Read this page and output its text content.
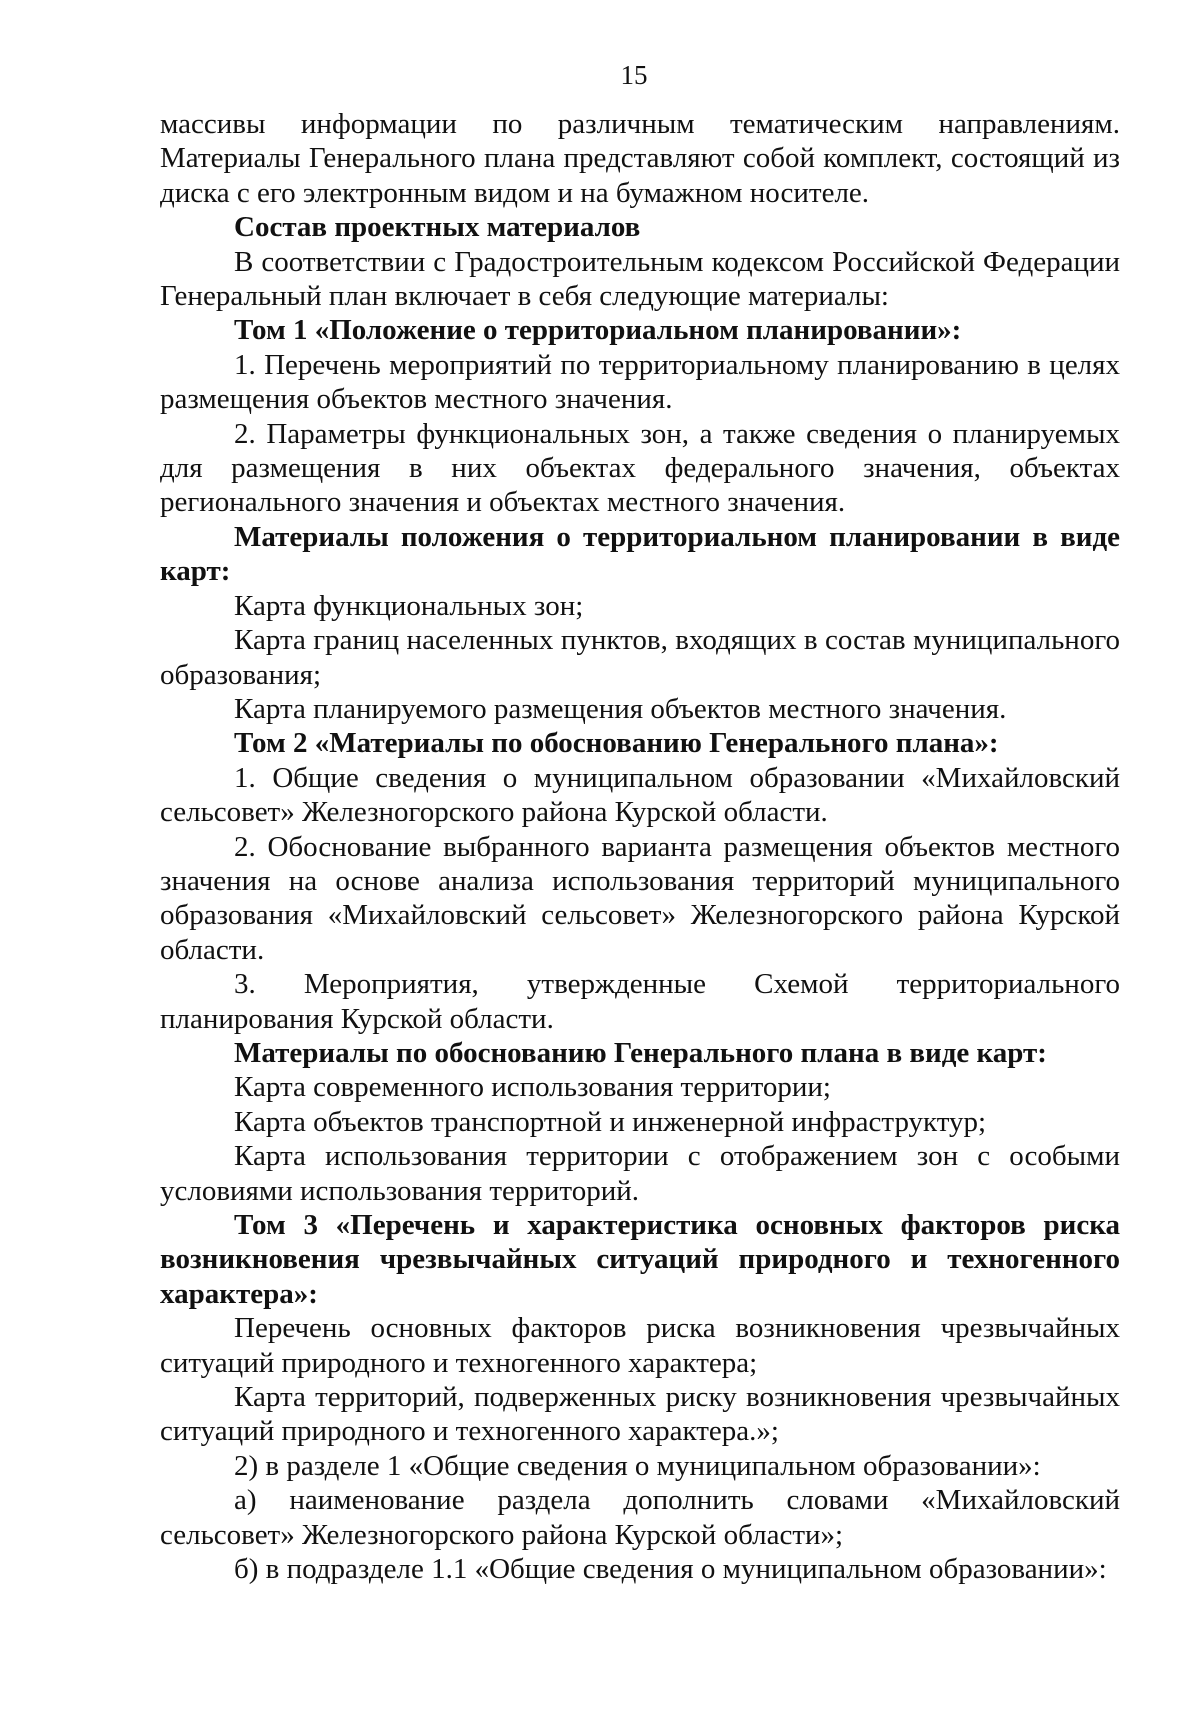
15

массивы информации по различным тематическим направлениям. Материалы Генерального плана представляют собой комплект, состоящий из диска с его электронным видом и на бумажном носителе.

Состав проектных материалов

В соответствии с Градостроительным кодексом Российской Федерации Генеральный план включает в себя следующие материалы:

Том 1 «Положение о территориальном планировании»:

1. Перечень мероприятий по территориальному планированию в целях размещения объектов местного значения.

2. Параметры функциональных зон, а также сведения о планируемых для размещения в них объектах федерального значения, объектах регионального значения и объектах местного значения.

Материалы положения о территориальном планировании в виде карт:

Карта функциональных зон;

Карта границ населенных пунктов, входящих в состав муниципального образования;

Карта планируемого размещения объектов местного значения.

Том 2 «Материалы по обоснованию Генерального плана»:

1. Общие сведения о муниципальном образовании «Михайловский сельсовет» Железногорского района Курской области.

2. Обоснование выбранного варианта размещения объектов местного значения на основе анализа использования территорий муниципального образования «Михайловский сельсовет» Железногорского района Курской области.

3. Мероприятия, утвержденные Схемой территориального планирования Курской области.

Материалы по обоснованию Генерального плана в виде карт:

Карта современного использования территории;

Карта объектов транспортной и инженерной инфраструктур;

Карта использования территории с отображением зон с особыми условиями использования территорий.

Том 3 «Перечень и характеристика основных факторов риска возникновения чрезвычайных ситуаций природного и техногенного характера»:

Перечень основных факторов риска возникновения чрезвычайных ситуаций природного и техногенного характера;

Карта территорий, подверженных риску возникновения чрезвычайных ситуаций природного и техногенного характера.»;

2) в разделе 1 «Общие сведения о муниципальном образовании»:

а) наименование раздела дополнить словами «Михайловский сельсовет» Железногорского района Курской области»;

б) в подразделе 1.1 «Общие сведения о муниципальном образовании»:
